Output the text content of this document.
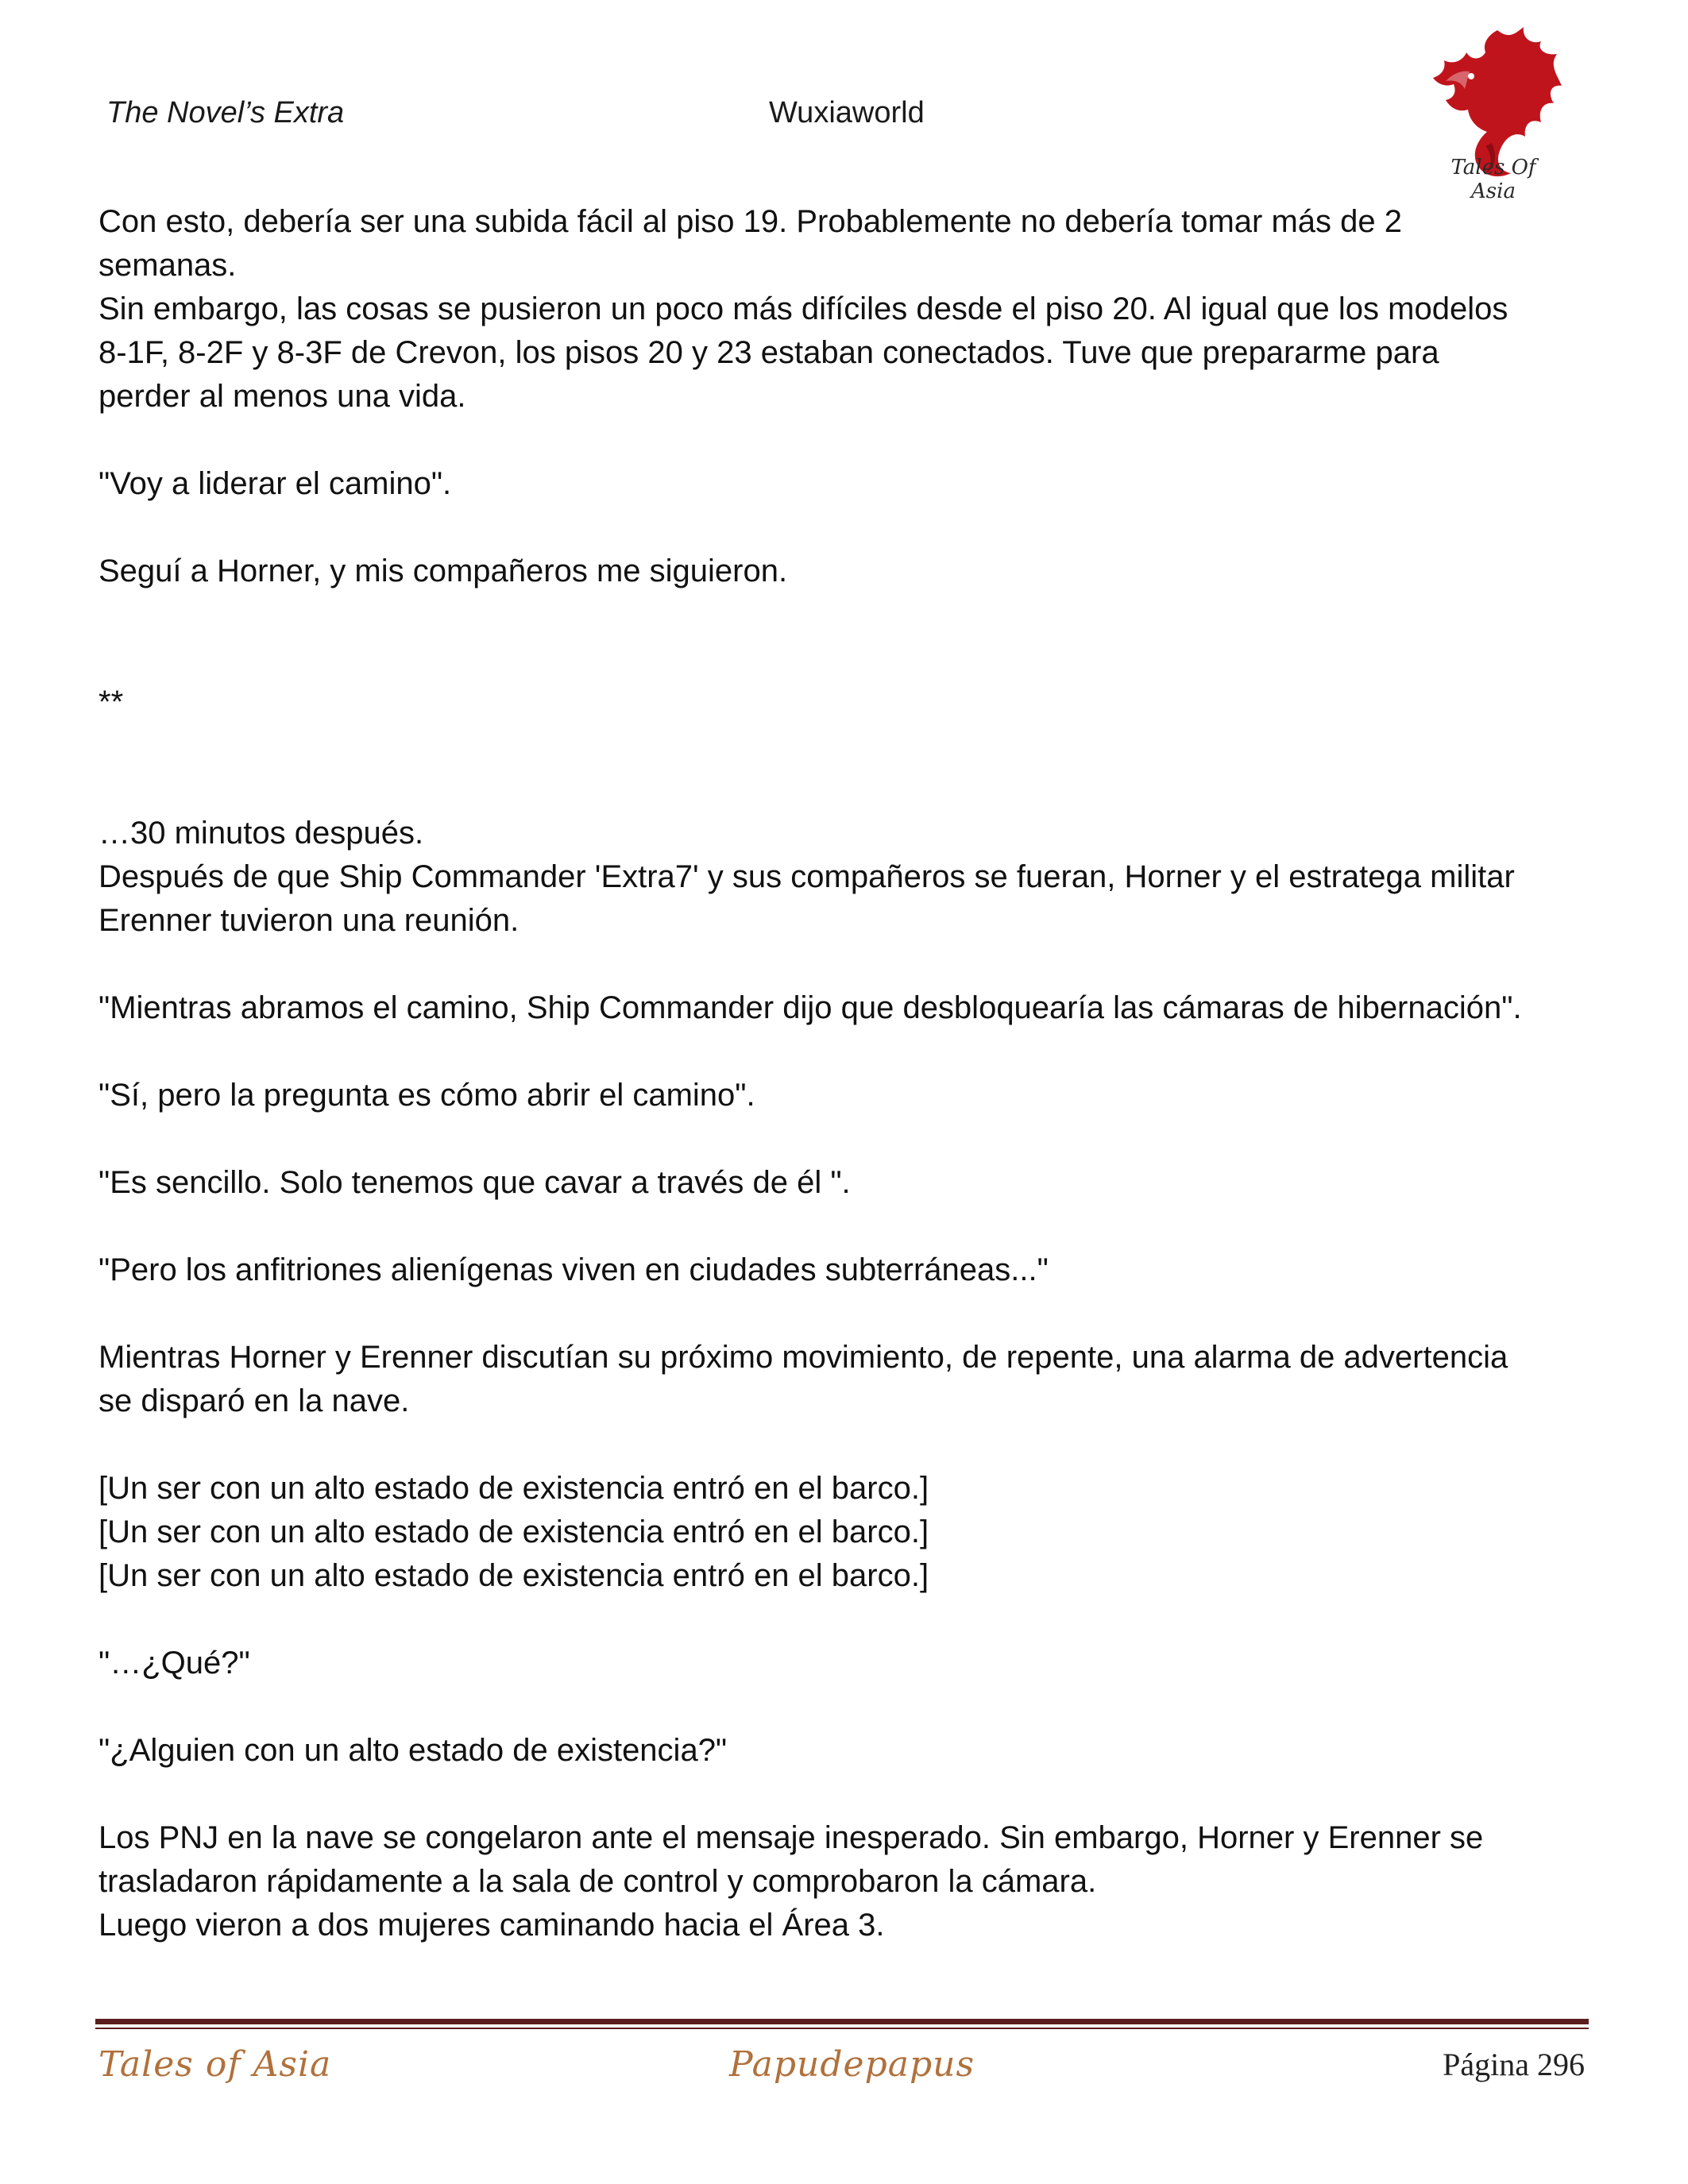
The Novel’s Extra	Wuxiaworld
Tales Of Asia

Con esto, debería ser una subida fácil al piso 19. Probablemente no debería tomar más de 2
semanas.
Sin embargo, las cosas se pusieron un poco más difíciles desde el piso 20. Al igual que los modelos
8-1F, 8-2F y 8-3F de Crevon, los pisos 20 y 23 estaban conectados. Tuve que prepararme para
perder al menos una vida.

"Voy a liderar el camino".

Seguí a Horner, y mis compañeros me siguieron.

**

…30 minutos después.
Después de que Ship Commander 'Extra7' y sus compañeros se fueran, Horner y el estratega militar
Erenner tuvieron una reunión.

"Mientras abramos el camino, Ship Commander dijo que desbloquearía las cámaras de hibernación".

"Sí, pero la pregunta es cómo abrir el camino".

"Es sencillo. Solo tenemos que cavar a través de él ".

"Pero los anfitriones alienígenas viven en ciudades subterráneas..."

Mientras Horner y Erenner discutían su próximo movimiento, de repente, una alarma de advertencia
se disparó en la nave.

[Un ser con un alto estado de existencia entró en el barco.]
[Un ser con un alto estado de existencia entró en el barco.]
[Un ser con un alto estado de existencia entró en el barco.]

"…¿Qué?"

"¿Alguien con un alto estado de existencia?"

Los PNJ en la nave se congelaron ante el mensaje inesperado. Sin embargo, Horner y Erenner se
trasladaron rápidamente a la sala de control y comprobaron la cámara.
Luego vieron a dos mujeres caminando hacia el Área 3.

Tales of Asia	Papudepapus	Página 296
